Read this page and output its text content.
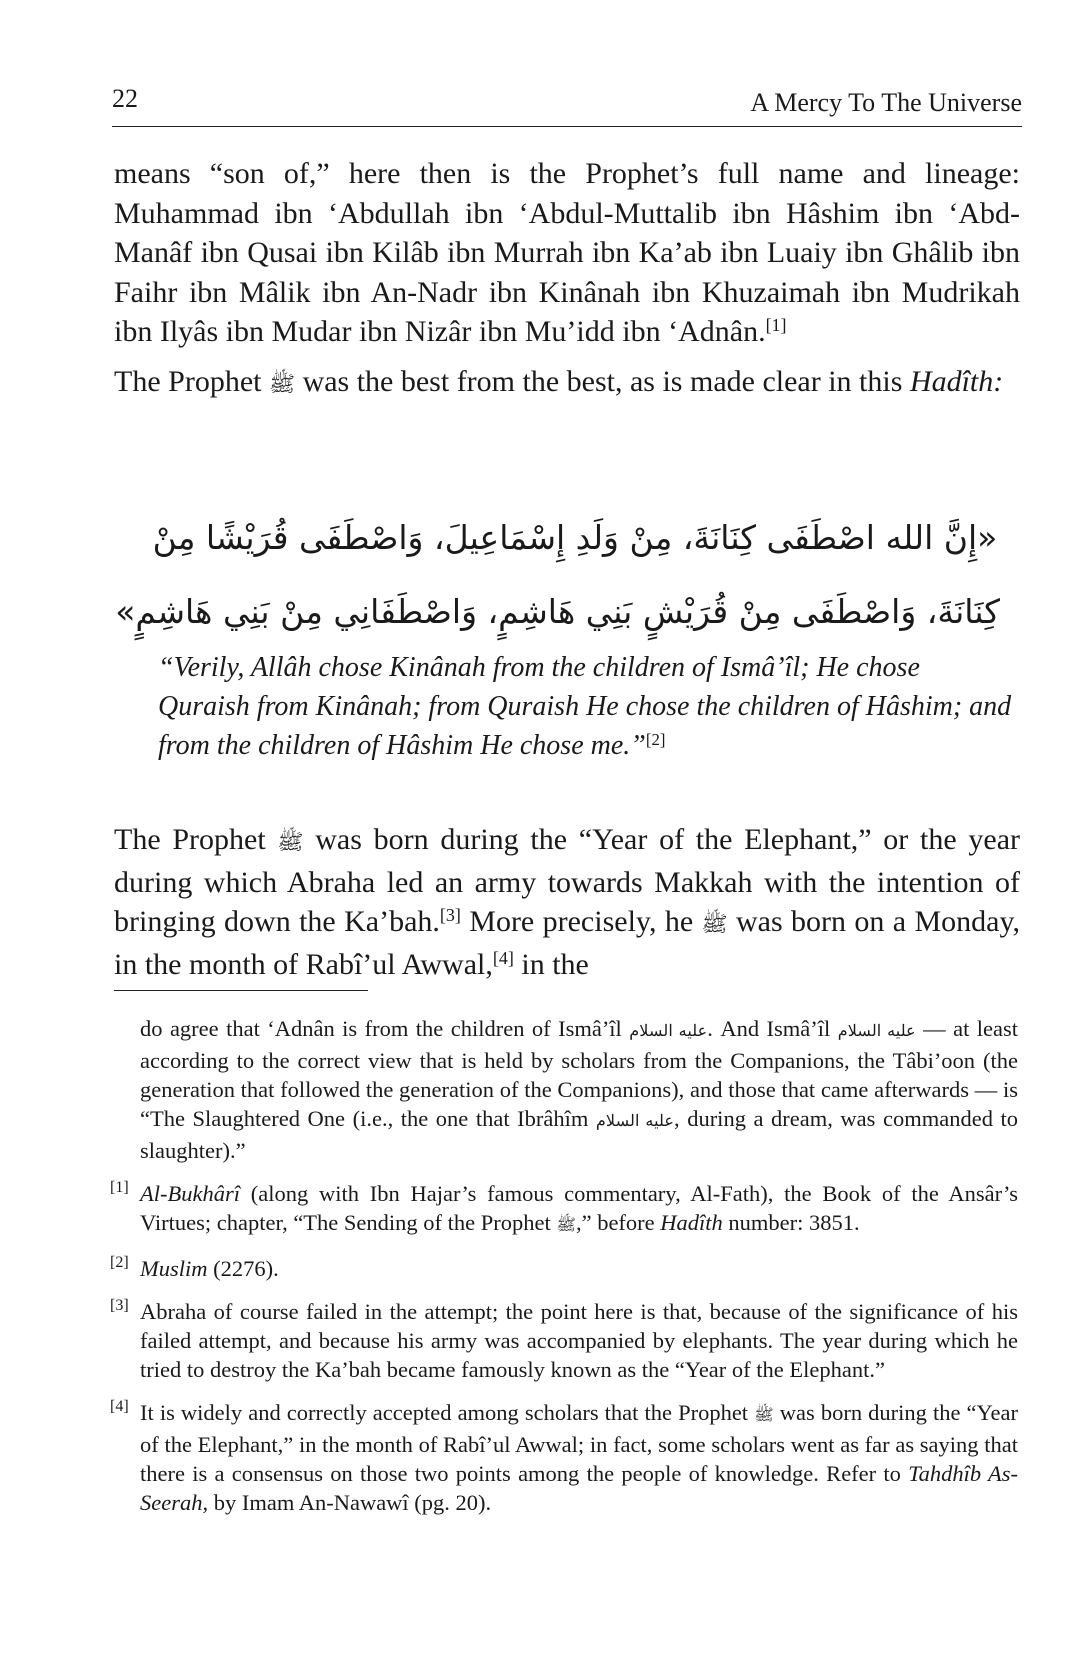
22	A Mercy To The Universe

means “son of,” here then is the Prophet’s full name and lineage: Muhammad ibn ‘Abdullah ibn ‘Abdul-Muttalib ibn Hâshim ibn ‘Abd-Manâf ibn Qusai ibn Kilâb ibn Murrah ibn Ka’ab ibn Luaiy ibn Ghâlib ibn Faihr ibn Mâlik ibn An-Nadr ibn Kinânah ibn Khuzaimah ibn Mudrikah ibn Ilyâs ibn Mudar ibn Nizâr ibn Mu’idd ibn ‘Adnân.[1]

The Prophet ﷺ was the best from the best, as is made clear in this Hadîth:

«إِنَّ الله اصْطَفَى كِنَانَةَ، مِنْ وَلَدِ إِسْمَاعِيلَ، وَاصْطَفَى قُرَيْشًا مِنْ
كِنَانَةَ، وَاصْطَفَى مِنْ قُرَيْشٍ بَنِي هَاشِمٍ، وَاصْطَفَانِي مِنْ بَنِي هَاشِمٍ»
“Verily, Allâh chose Kinânah from the children of Ismâ’îl; He chose Quraish from Kinânah; from Quraish He chose the children of Hâshim; and from the children of Hâshim He chose me.”[2]
The Prophet ﷺ was born during the “Year of the Elephant,” or the year during which Abraha led an army towards Makkah with the intention of bringing down the Ka’bah.[3] More precisely, he ﷺ was born on a Monday, in the month of Rabî’ul Awwal,[4] in the
do agree that ‘Adnân is from the children of Ismâ’îl عليه السلام. And Ismâ’îl عليه السلام — at least according to the correct view that is held by scholars from the Companions, the Tâbi’oon (the generation that followed the generation of the Companions), and those that came afterwards — is “The Slaughtered One (i.e., the one that Ibrâhîm عليه السلام, during a dream, was commanded to slaughter).”
[1] Al-Bukhârî (along with Ibn Hajar’s famous commentary, Al-Fath), the Book of the Ansâr’s Virtues; chapter, “The Sending of the Prophet ﷺ,” before Hadîth number: 3851.
[2] Muslim (2276).
[3] Abraha of course failed in the attempt; the point here is that, because of the significance of his failed attempt, and because his army was accompanied by elephants. The year during which he tried to destroy the Ka’bah became famously known as the “Year of the Elephant.”
[4] It is widely and correctly accepted among scholars that the Prophet ﷺ was born during the “Year of the Elephant,” in the month of Rabî’ul Awwal; in fact, some scholars went as far as saying that there is a consensus on those two points among the people of knowledge. Refer to Tahdhîb As-Seerah, by Imam An-Nawawî (pg. 20).
